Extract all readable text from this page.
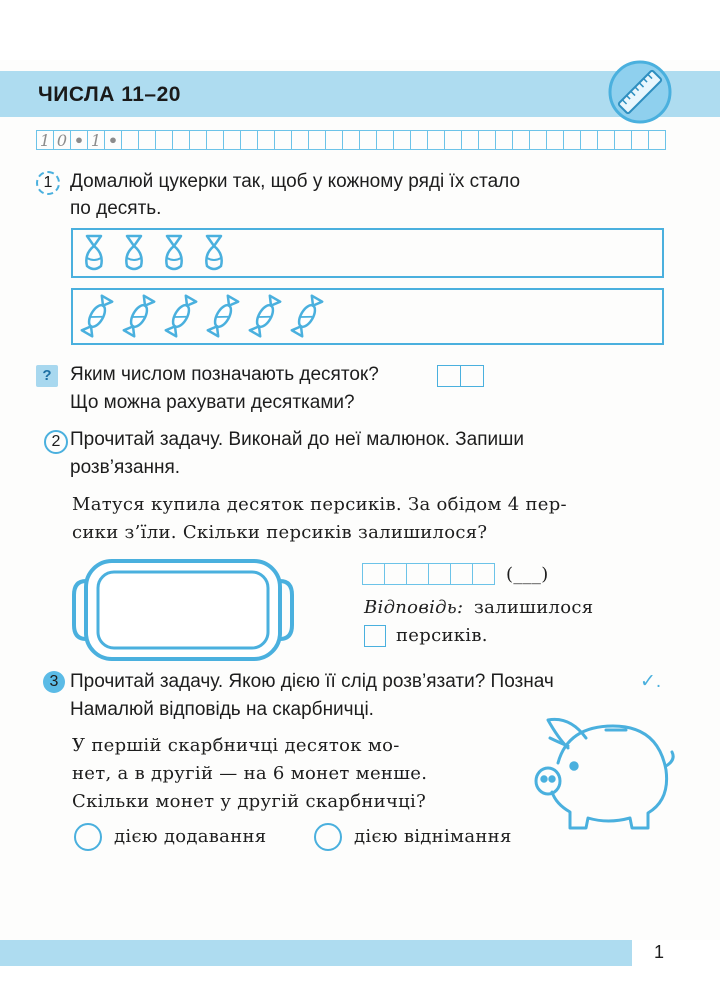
ЧИСЛА 11–20
1 0 • 1 •
1 Домалюй цукерки так, щоб у кожному ряді їх стало
по десять.
? Яким числом позначають десяток?
Що можна рахувати десятками?
2 Прочитай задачу. Виконай до неї малюнок. Запиши
розв’язання.
Матуся купила десяток персиків. За обідом 4 пер-
сики з’їли. Скільки персиків залишилося?
(___)
Відповідь: залишилося
персиків.
3 Прочитай задачу. Якою дією її слід розв’язати? Познач	✓.
Намалюй відповідь на скарбничці.
У першій скарбничці десяток мо-
нет, а в другій — на 6 монет менше.
Скільки монет у другій скарбничці?
дією додавання	дією віднімання
1
